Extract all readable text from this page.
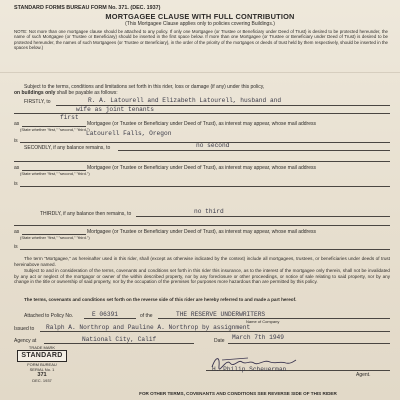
STANDARD FORMS BUREAU FORM No. 371. (DEC. 1937)
MORTGAGEE CLAUSE WITH FULL CONTRIBUTION
(This Mortgagee Clause applies only to policies covering Buildings.)
NOTE: Not more than one mortgagee clause should be attached to any policy. If only one Mortgagee (or Trustee or Beneficiary under Deed of Trust) is desired to be protected hereunder, the name of such Mortgagee (or Trustee or Beneficiary) should be inserted in the first space below. If more than one Mortgagee (or Trustee or Beneficiary under Deed of Trust) is desired to be protected hereunder, the names of such Mortgagees (or Trustee or Beneficiary), in the order of the priority of the mortgages or deeds of trust held by them respectively, should be inserted in the spaces below.)
Subject to the terms, conditions and limitations set forth in this rider, loss or damage (if any) under this policy,
on buildings only shall be payable as follows:
FIRSTLY, to	R. A. Latourell and Elizabeth Latourell, husband and
wife as joint tenants
first
as	Mortgagee (or Trustee or Beneficiary under Deed of Trust), as interest may appear, whose mail address
(State whether "first," "second," "third.")
is
Latourell Falls, Oregon
SECONDLY, if any balance remains, to	no second
as	Mortgagee (or Trustee or Beneficiary under Deed of Trust), as interest may appear, whose mail address
(State whether "first," "second," "third.")
is
THIRDLY, if any balance then remains, to	no third
as	Mortgagee (or Trustee or Beneficiary under Deed of Trust), as interest may appear, whose mail address
(State whether "first," "second," "third.")
is
The term "Mortgagee," as hereinafter used in this rider, shall (except as otherwise indicated by the context) include all mortgagees, trustees, or beneficiaries under deeds of trust hereinabove named.
Subject to and in consideration of the terms, covenants and conditions set forth in this rider this insurance, as to the interest of the mortgagee only therein, shall not be invalidated by any act or neglect of the mortgagor or owner of the within described property, nor by any foreclosure or other proceedings, or notice of sale relating to said property, nor by any change in the title or ownership of said property, nor by the occupation of the premises for purposes more hazardous than are permitted by this policy.
The terms, covenants and conditions set forth on the reverse side of this rider are hereby referred to and made a part hereof.
Attached to Policy No.	E 06391	of the	THE RESERVE UNDERWRITERS
Name of Company
Issued to Ralph A. Northrop and Pauline A. Northrop by assignment
Agency at	National City, Calif	Date March 7th 1949
H. Philip Scheuerman
Agent.
TRADE MARK
STANDARD
FORM BUREAU
SERIAL No. 1
371
DEC. 1937
FOR OTHER TERMS, COVENANTS AND CONDITIONS SEE REVERSE SIDE OF THIS RIDER
